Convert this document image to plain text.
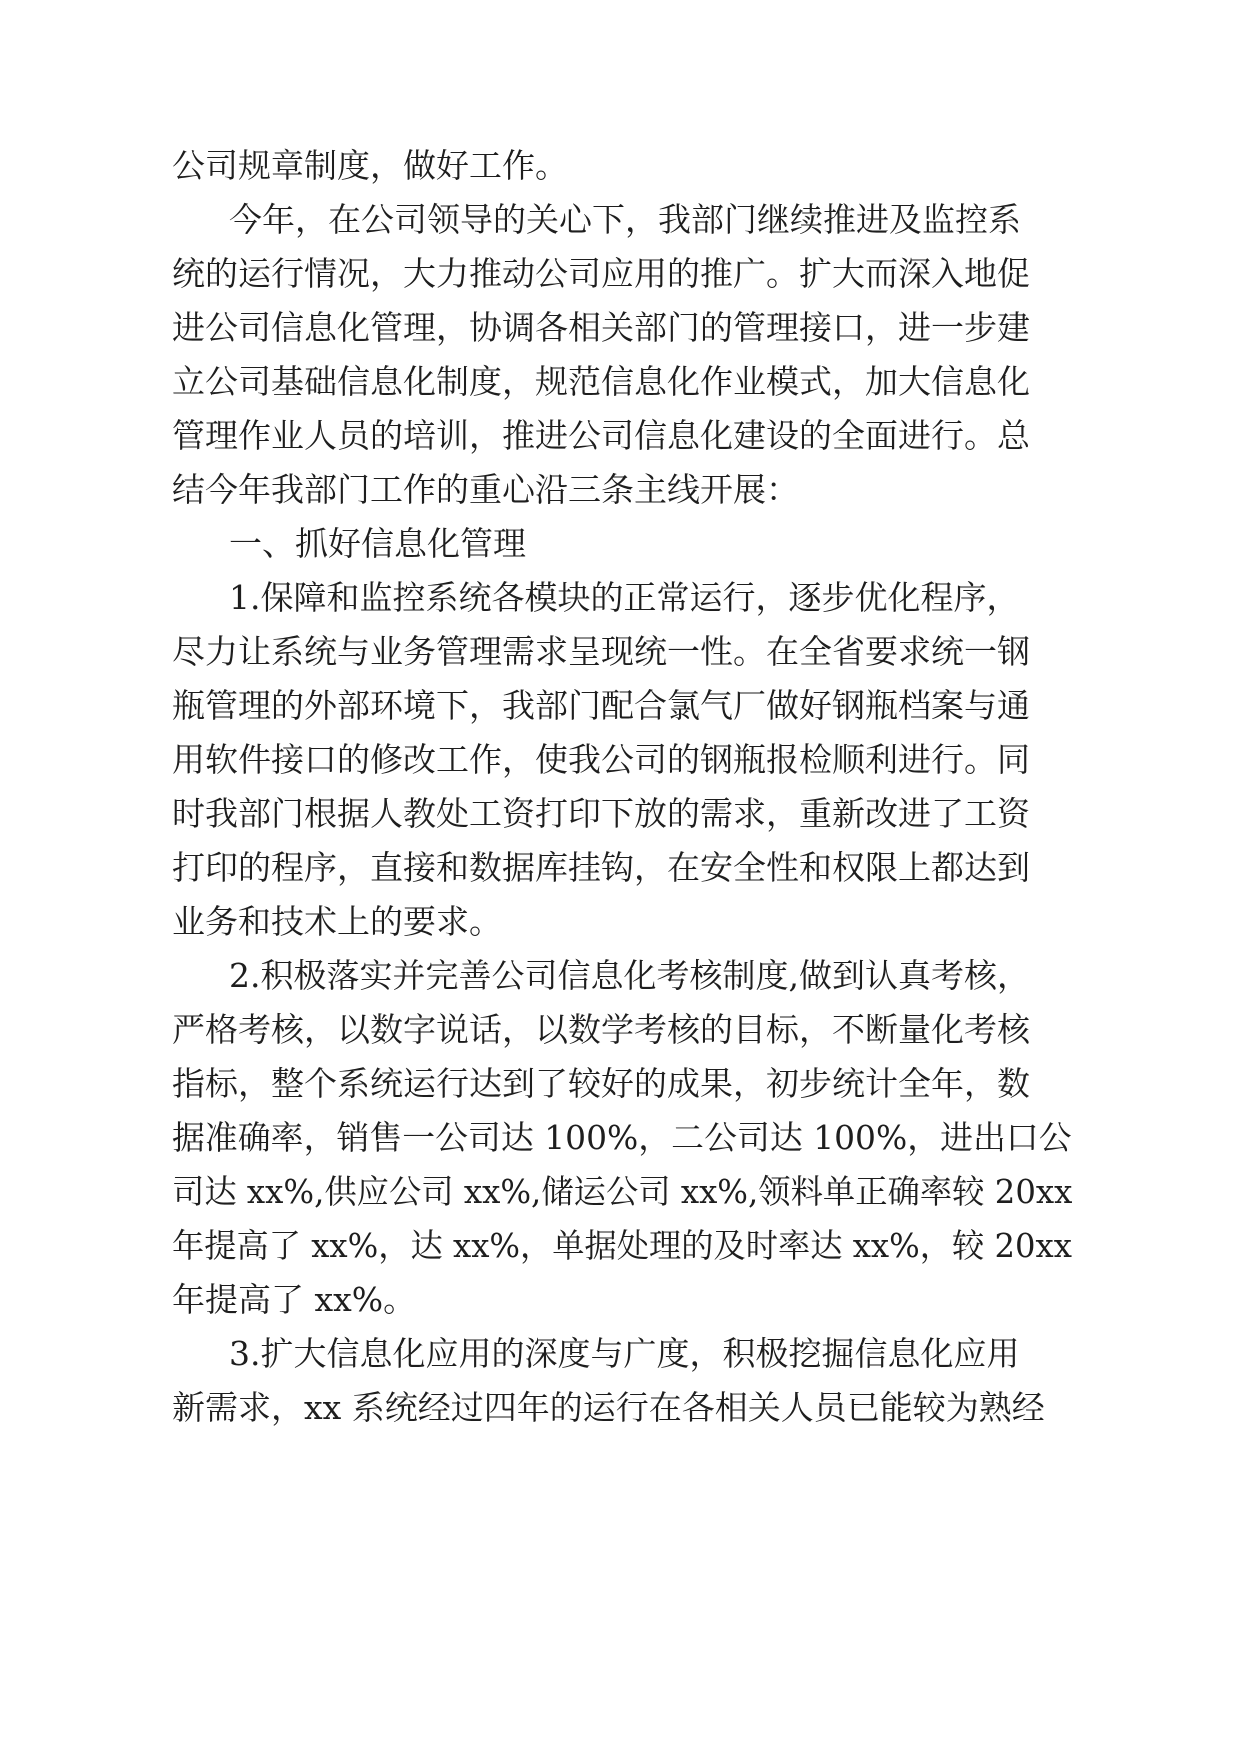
公司规章制度，做好工作。
今年，在公司领导的关心下，我部门继续推进及监控系
统的运行情况，大力推动公司应用的推广。扩大而深入地促
进公司信息化管理，协调各相关部门的管理接口，进一步建
立公司基础信息化制度，规范信息化作业模式，加大信息化
管理作业人员的培训，推进公司信息化建设的全面进行。总
结今年我部门工作的重心沿三条主线开展：
一、抓好信息化管理
1.保障和监控系统各模块的正常运行，逐步优化程序，
尽力让系统与业务管理需求呈现统一性。在全省要求统一钢
瓶管理的外部环境下，我部门配合氯气厂做好钢瓶档案与通
用软件接口的修改工作，使我公司的钢瓶报检顺利进行。同
时我部门根据人教处工资打印下放的需求，重新改进了工资
打印的程序，直接和数据库挂钩，在安全性和权限上都达到
业务和技术上的要求。
2.积极落实并完善公司信息化考核制度,做到认真考核，
严格考核，以数字说话，以数学考核的目标，不断量化考核
指标，整个系统运行达到了较好的成果，初步统计全年，数
据准确率，销售一公司达 100%，二公司达 100%，进出口公
司达 xx%,供应公司 xx%,储运公司 xx%,领料单正确率较 20xx
年提高了 xx%，达 xx%，单据处理的及时率达 xx%，较 20xx
年提高了 xx%。
3.扩大信息化应用的深度与广度，积极挖掘信息化应用
新需求，xx 系统经过四年的运行在各相关人员已能较为熟经
